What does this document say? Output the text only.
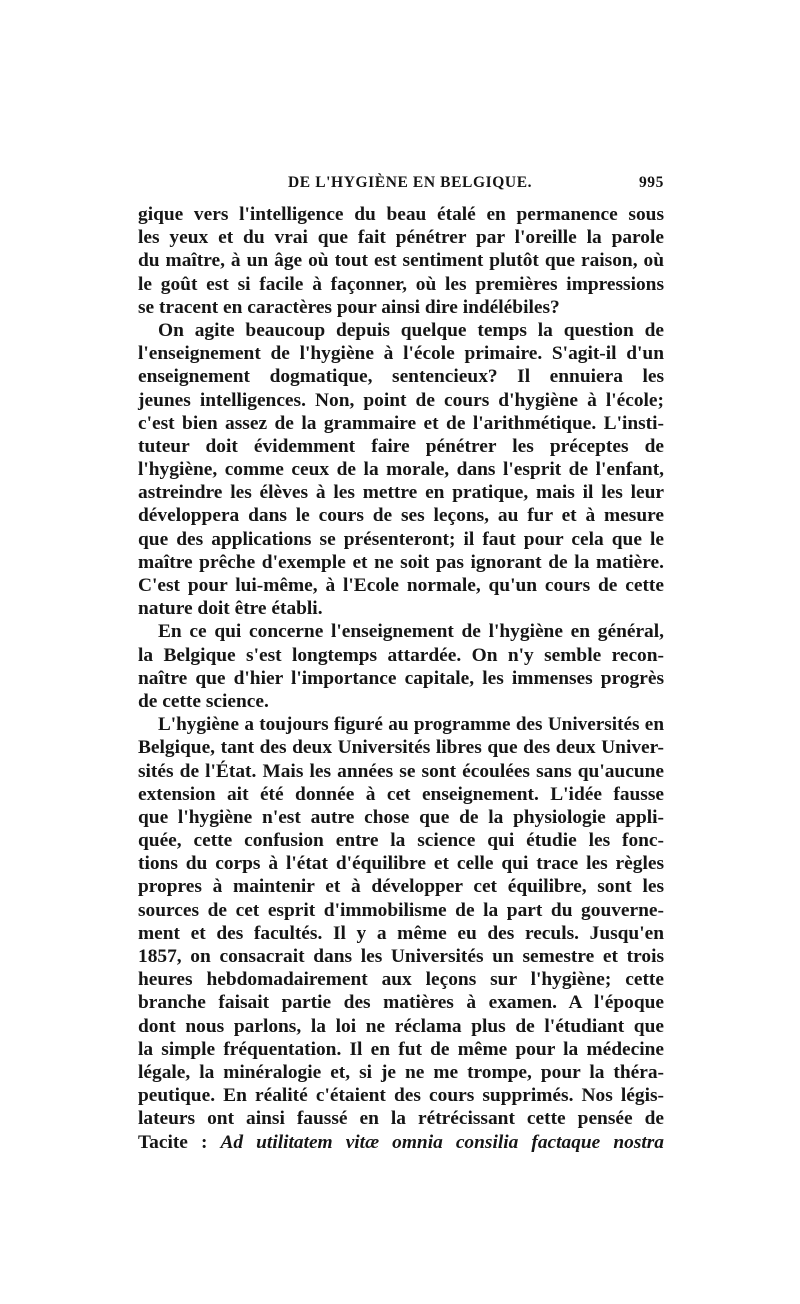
DE L'HYGIÈNE EN BELGIQUE.	995
gique vers l'intelligence du beau étalé en permanence sous
les yeux et du vrai que fait pénétrer par l'oreille la parole
du maître, à un âge où tout est sentiment plutôt que raison, où
le goût est si facile à façonner, où les premières impressions
se tracent en caractères pour ainsi dire indélébiles?
On agite beaucoup depuis quelque temps la question de
l'enseignement de l'hygiène à l'école primaire. S'agit-il d'un
enseignement dogmatique, sentencieux? Il ennuiera les
jeunes intelligences. Non, point de cours d'hygiène à l'école;
c'est bien assez de la grammaire et de l'arithmétique. L'insti-
tuteur doit évidemment faire pénétrer les préceptes de
l'hygiène, comme ceux de la morale, dans l'esprit de l'enfant,
astreindre les élèves à les mettre en pratique, mais il les leur
développera dans le cours de ses leçons, au fur et à mesure
que des applications se présenteront; il faut pour cela que le
maître prêche d'exemple et ne soit pas ignorant de la matière.
C'est pour lui-même, à l'Ecole normale, qu'un cours de cette
nature doit être établi.
En ce qui concerne l'enseignement de l'hygiène en général,
la Belgique s'est longtemps attardée. On n'y semble recon-
naître que d'hier l'importance capitale, les immenses progrès
de cette science.
L'hygiène a toujours figuré au programme des Universités en
Belgique, tant des deux Universités libres que des deux Univer-
sités de l'État. Mais les années se sont écoulées sans qu'aucune
extension ait été donnée à cet enseignement. L'idée fausse
que l'hygiène n'est autre chose que de la physiologie appli-
quée, cette confusion entre la science qui étudie les fonc-
tions du corps à l'état d'équilibre et celle qui trace les règles
propres à maintenir et à développer cet équilibre, sont les
sources de cet esprit d'immobilisme de la part du gouverne-
ment et des facultés. Il y a même eu des reculs. Jusqu'en
1857, on consacrait dans les Universités un semestre et trois
heures hebdomadairement aux leçons sur l'hygiène; cette
branche faisait partie des matières à examen. A l'époque
dont nous parlons, la loi ne réclama plus de l'étudiant que
la simple fréquentation. Il en fut de même pour la médecine
légale, la minéralogie et, si je ne me trompe, pour la théra-
peutique. En réalité c'étaient des cours supprimés. Nos légis-
lateurs ont ainsi faussé en la rétrécissant cette pensée de
Tacite : Ad utilitatem vitæ omnia consilia factaque nostra
